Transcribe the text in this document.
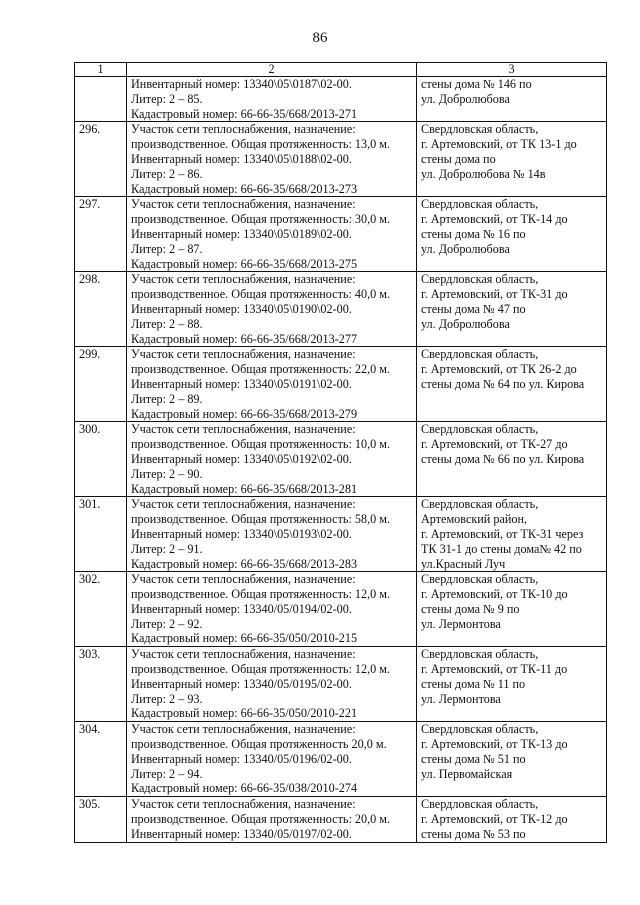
86
1	2	3

	Инвентарный номер: 13340\05\0187\02-00.
Литер: 2 – 85.
Кадастровый номер: 66-66-35/668/2013-271	стены дома № 146 по
ул. Добролюбова

296.	Участок сети теплоснабжения, назначение:
производственное. Общая протяженность: 13,0 м.
Инвентарный номер: 13340\05\0188\02-00.
Литер: 2 – 86.
Кадастровый номер: 66-66-35/668/2013-273	Свердловская область,
г. Артемовский, от ТК 13-1 до
стены дома по
ул. Добролюбова № 14в

297.	Участок сети теплоснабжения, назначение:
производственное. Общая протяженность: 30,0 м.
Инвентарный номер: 13340\05\0189\02-00.
Литер: 2 – 87.
Кадастровый номер: 66-66-35/668/2013-275	Свердловская область,
г. Артемовский, от ТК-14 до
стены дома № 16 по
ул. Добролюбова

298.	Участок сети теплоснабжения, назначение:
производственное. Общая протяженность: 40,0 м.
Инвентарный номер: 13340\05\0190\02-00.
Литер: 2 – 88.
Кадастровый номер: 66-66-35/668/2013-277	Свердловская область,
г. Артемовский, от ТК-31 до
стены дома № 47 по
ул. Добролюбова

299.	Участок сети теплоснабжения, назначение:
производственное. Общая протяженность: 22,0 м.
Инвентарный номер: 13340\05\0191\02-00.
Литер: 2 – 89.
Кадастровый номер: 66-66-35/668/2013-279	Свердловская область,
г. Артемовский, от ТК 26-2 до
стены дома № 64 по ул. Кирова

300.	Участок сети теплоснабжения, назначение:
производственное. Общая протяженность: 10,0 м.
Инвентарный номер: 13340\05\0192\02-00.
Литер: 2 – 90.
Кадастровый номер: 66-66-35/668/2013-281	Свердловская область,
г. Артемовский, от ТК-27 до
стены дома № 66 по ул. Кирова

301.	Участок сети теплоснабжения, назначение:
производственное. Общая протяженность: 58,0 м.
Инвентарный номер: 13340\05\0193\02-00.
Литер: 2 – 91.
Кадастровый номер: 66-66-35/668/2013-283	Свердловская область,
Артемовский район,
г. Артемовский, от ТК-31 через
ТК 31-1 до стены дома№ 42 по
ул.Красный Луч

302.	Участок сети теплоснабжения, назначение:
производственное. Общая протяженность: 12,0 м.
Инвентарный номер: 13340/05/0194/02-00.
Литер: 2 – 92.
Кадастровый номер: 66-66-35/050/2010-215	Свердловская область,
г. Артемовский, от ТК-10 до
стены дома № 9 по
ул. Лермонтова

303.	Участок сети теплоснабжения, назначение:
производственное. Общая протяженность: 12,0 м.
Инвентарный номер: 13340/05/0195/02-00.
Литер: 2 – 93.
Кадастровый номер: 66-66-35/050/2010-221	Свердловская область,
г. Артемовский, от ТК-11 до
стены дома № 11 по
ул. Лермонтова

304.	Участок сети теплоснабжения, назначение:
производственное. Общая протяженность 20,0 м.
Инвентарный номер: 13340/05/0196/02-00.
Литер: 2 – 94.
Кадастровый номер: 66-66-35/038/2010-274	Свердловская область,
г. Артемовский, от ТК-13 до
стены дома № 51 по
ул. Первомайская

305.	Участок сети теплоснабжения, назначение:
производственное. Общая протяженность: 20,0 м.
Инвентарный номер: 13340/05/0197/02-00.	Свердловская область,
г. Артемовский, от ТК-12 до
стены дома № 53 по
